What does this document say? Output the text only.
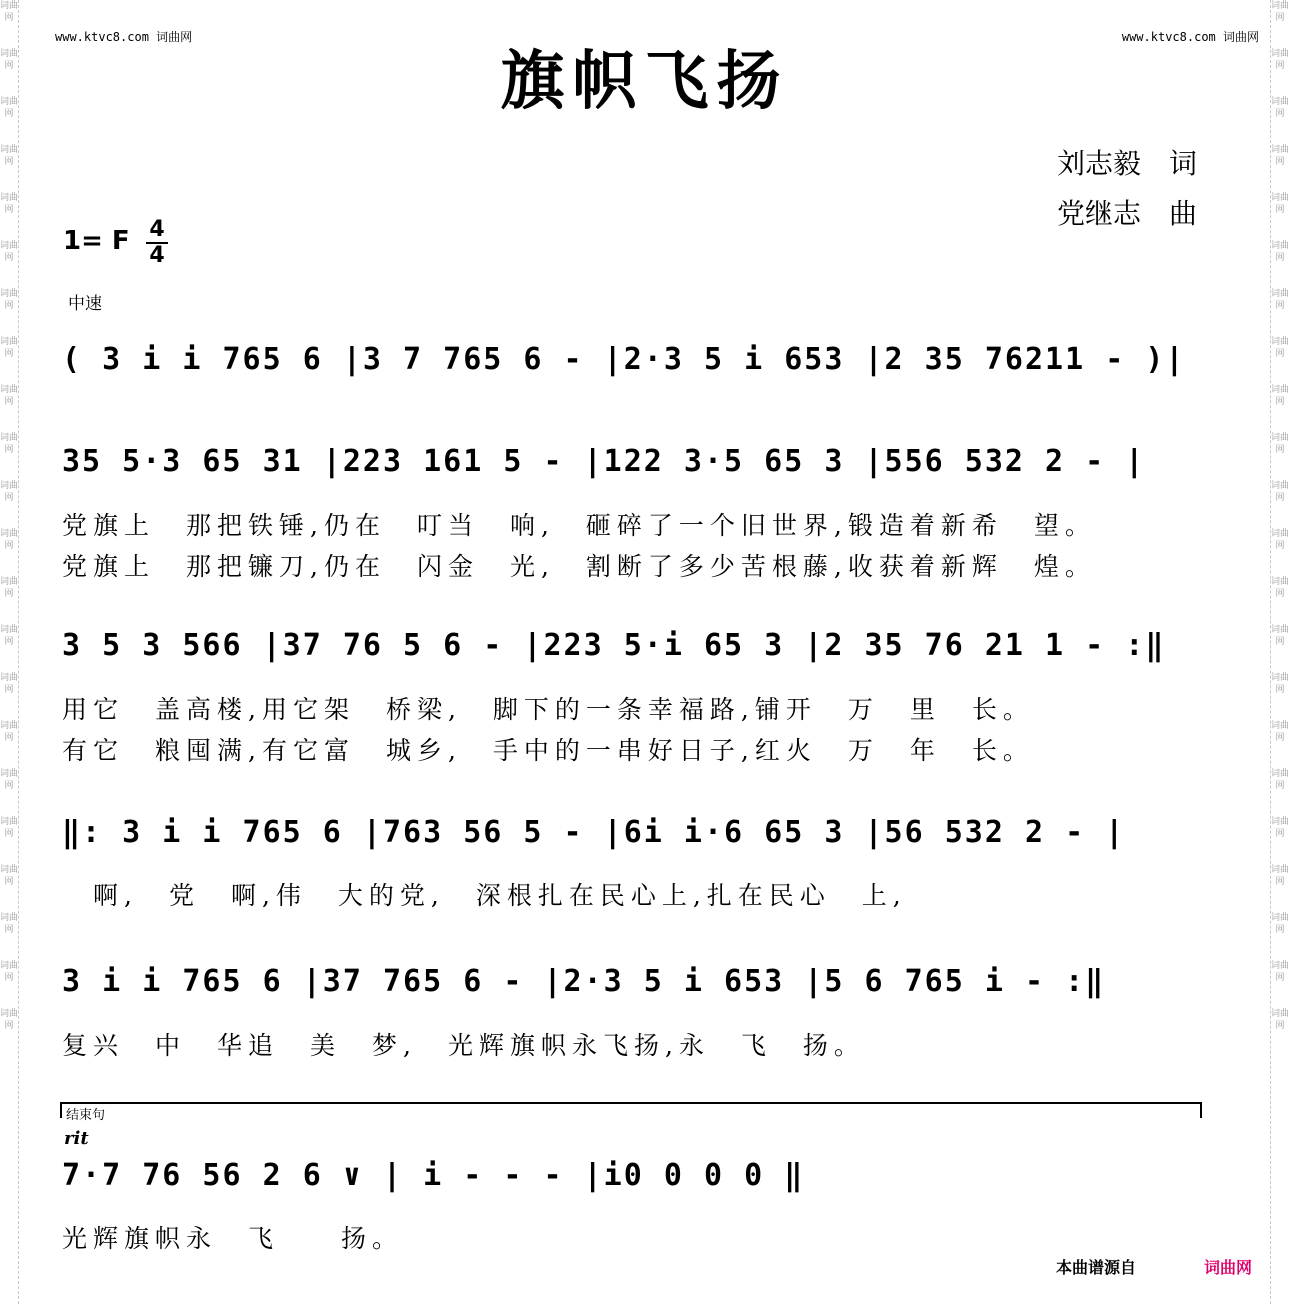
词曲网
词曲网
词曲网
词曲网
词曲网
词曲网
词曲网
词曲网
词曲网
词曲网
词曲网
词曲网
词曲网
词曲网
词曲网
词曲网
词曲网
词曲网
词曲网
词曲网
词曲网
词曲网
词曲网
词曲网
词曲网
词曲网
词曲网
词曲网
词曲网
词曲网
词曲网
词曲网
词曲网
词曲网
词曲网
词曲网
词曲网
词曲网
词曲网
词曲网
词曲网
词曲网
词曲网
词曲网
www.ktvc8.com 词曲网	www.ktvc8.com 词曲网
旗帜飞扬
刘志毅　词
党继志　曲
1= F $\frac{4}{4}$
中速
( 3 i i 765 6 |3 7 765 6 - |2·3 5 i 653 |2 35 76211 - )|
35 5·3 65 31 |223 161 5 - |122 3·5 65 3 |556 532 2 - |
党旗上　那把铁锤,仍在　叮当　响,　砸碎了一个旧世界,锻造着新希　望。
党旗上　那把镰刀,仍在　闪金　光,　割断了多少苦根藤,收获着新辉　煌。
3 5 3 566 |37 76 5 6 - |223 5·i 65 3 |2 35 76 21 1 - :‖
用它　盖高楼,用它架　桥梁,　脚下的一条幸福路,铺开　万　里　长。
有它　粮囤满,有它富　城乡,　手中的一串好日子,红火　万　年　长。
‖: 3 i i 765 6 |763 56 5 - |6i i·6 65 3 |56 532 2 - |
　啊,　党　啊,伟　大的党,　深根扎在民心上,扎在民心　上,
3 i i 765 6 |37 765 6 - |2·3 5 i 653 |5 6 765 i - :‖
复兴　中　华追　美　梦,　光辉旗帜永飞扬,永　飞　扬。
结束句
rit
7·7 76 56 2 6 ∨ | i - - - |i0 0 0 0 ‖
光辉旗帜永　飞　　扬。
本曲谱源自	词曲网
